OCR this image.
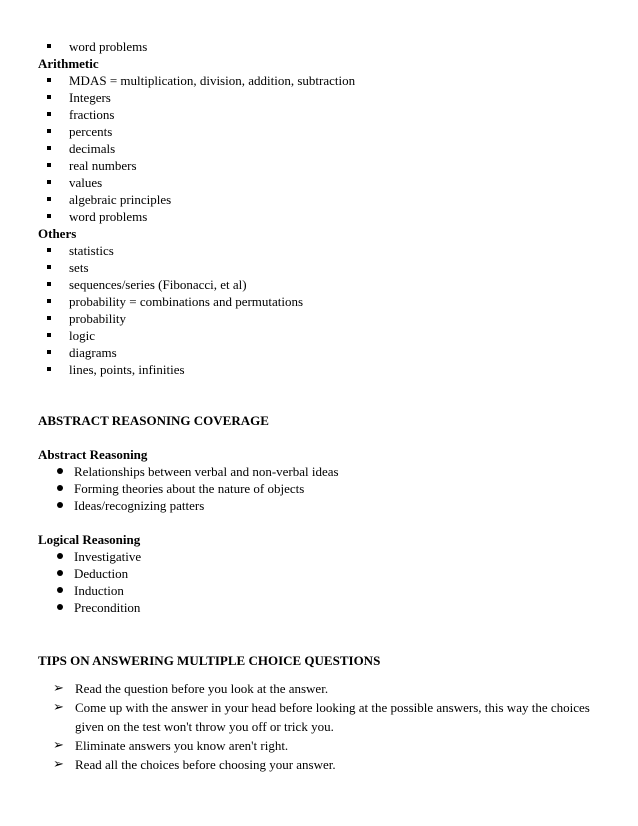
word problems
Arithmetic
MDAS = multiplication, division, addition, subtraction
Integers
fractions
percents
decimals
real numbers
values
algebraic principles
word problems
Others
statistics
sets
sequences/series (Fibonacci, et al)
probability = combinations and permutations
probability
logic
diagrams
lines, points, infinities
ABSTRACT REASONING COVERAGE
Abstract Reasoning
Relationships between verbal and non-verbal ideas
Forming theories about the nature of objects
Ideas/recognizing patters
Logical Reasoning
Investigative
Deduction
Induction
Precondition
TIPS ON ANSWERING MULTIPLE CHOICE QUESTIONS
➢ Read the question before you look at the answer.
➢ Come up with the answer in your head before looking at the possible answers, this way the choices given on the test won't throw you off or trick you.
➢ Eliminate answers you know aren't right.
➢ Read all the choices before choosing your answer.
